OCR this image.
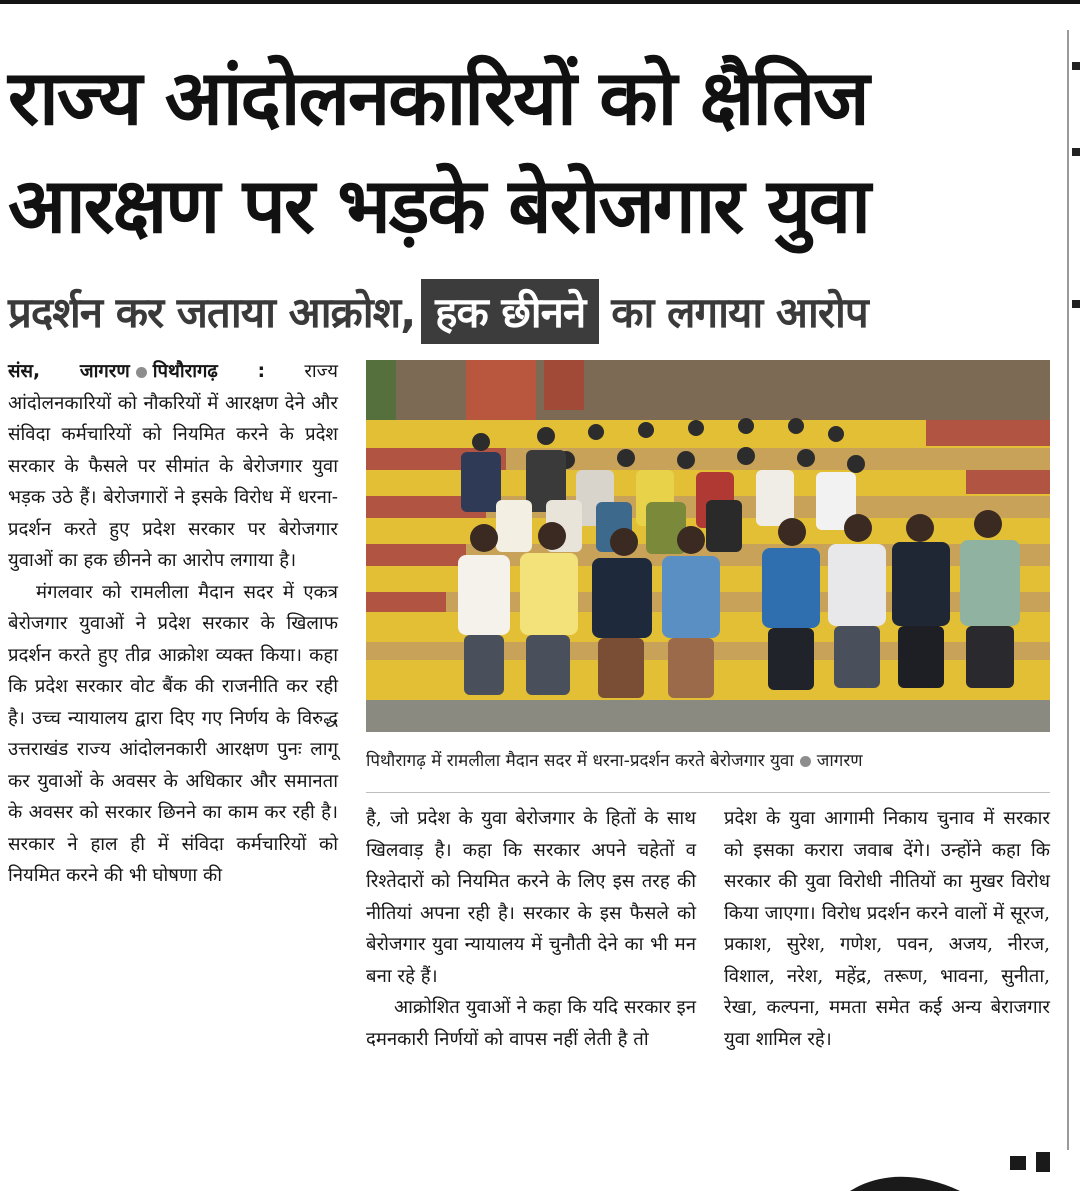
राज्य आंदोलनकारियों को क्षैतिज
आरक्षण पर भड़के बेरोजगार युवा
प्रदर्शन कर जताया आक्रोश, हक छीनने का लगाया आरोप

संस, जागरण पिथौरागढ़ : राज्य आंदोलनकारियों को नौकरियों में आरक्षण देने और संविदा कर्मचारियों को नियमित करने के प्रदेश सरकार के फैसले पर सीमांत के बेरोजगार युवा भड़क उठे हैं। बेरोजगारों ने इसके विरोध में धरना-प्रदर्शन करते हुए प्रदेश सरकार पर बेरोजगार युवाओं का हक छीनने का आरोप लगाया है।

मंगलवार को रामलीला मैदान सदर में एकत्र बेरोजगार युवाओं ने प्रदेश सरकार के खिलाफ प्रदर्शन करते हुए तीव्र आक्रोश व्यक्त किया। कहा कि प्रदेश सरकार वोट बैंक की राजनीति कर रही है। उच्च न्यायालय द्वारा दिए गए निर्णय के विरुद्ध उत्तराखंड राज्य आंदोलनकारी आरक्षण पुनः लागू कर युवाओं के अवसर के अधिकार और समानता के अवसर को सरकार छिनने का काम कर रही है। सरकार ने हाल ही में संविदा कर्मचारियों को नियमित करने की भी घोषणा की

पिथौरागढ़ में रामलीला मैदान सदर में धरना-प्रदर्शन करते बेरोजगार युवा जागरण

है, जो प्रदेश के युवा बेरोजगार के हितों के साथ खिलवाड़ है। कहा कि सरकार अपने चहेतों व रिश्तेदारों को नियमित करने के लिए इस तरह की नीतियां अपना रही है। सरकार के इस फैसले को बेरोजगार युवा न्यायालय में चुनौती देने का भी मन बना रहे हैं।

आक्रोशित युवाओं ने कहा कि यदि सरकार इन दमनकारी निर्णयों को वापस नहीं लेती है तो

प्रदेश के युवा आगामी निकाय चुनाव में सरकार को इसका करारा जवाब देंगे। उन्होंने कहा कि सरकार की युवा विरोधी नीतियों का मुखर विरोध किया जाएगा। विरोध प्रदर्शन करने वालों में सूरज, प्रकाश, सुरेश, गणेश, पवन, अजय, नीरज, विशाल, नरेश, महेंद्र, तरूण, भावना, सुनीता, रेखा, कल्पना, ममता समेत कई अन्य बेराजगार युवा शामिल रहे।
